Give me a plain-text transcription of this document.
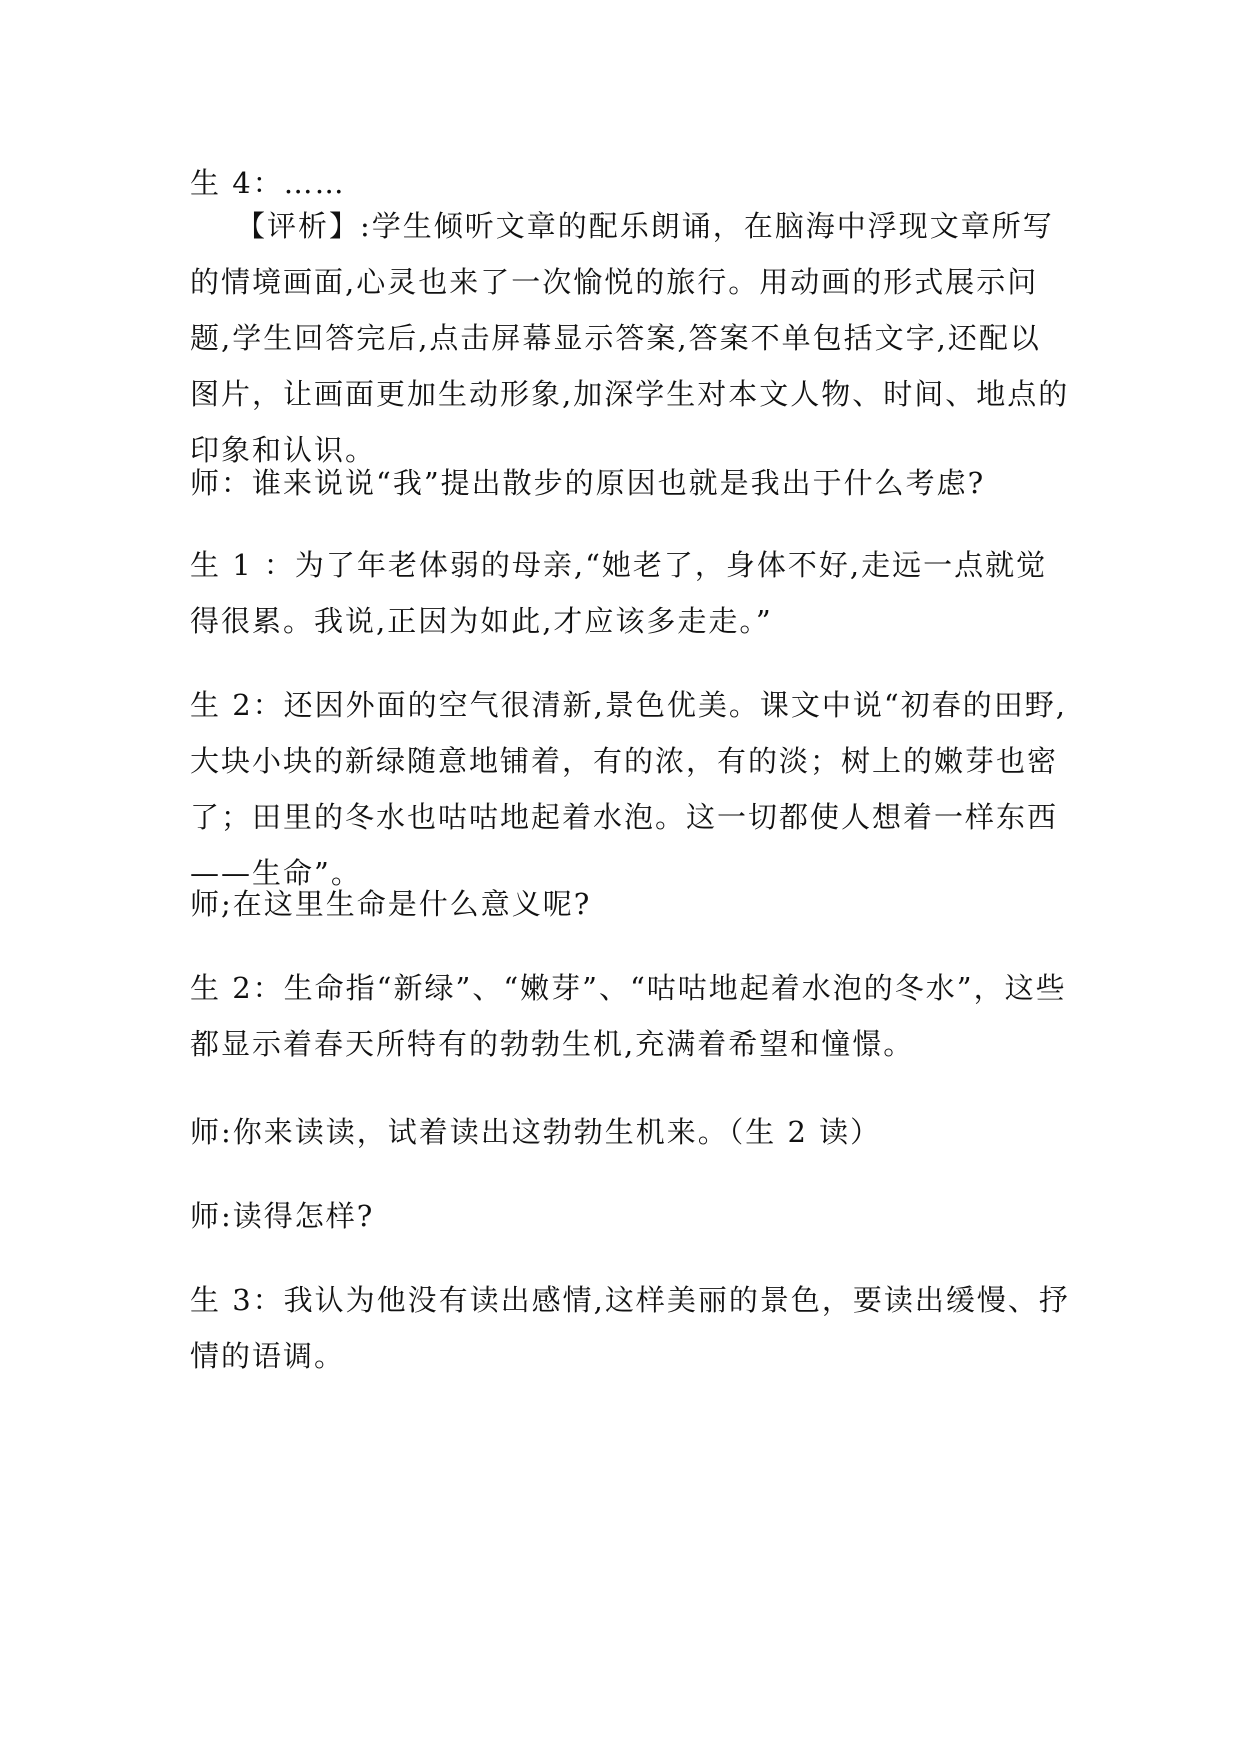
生 4：……

【评析】:学生倾听文章的配乐朗诵，在脑海中浮现文章所写的情境画面,心灵也来了一次愉悦的旅行。用动画的形式展示问题,学生回答完后,点击屏幕显示答案,答案不单包括文字,还配以图片，让画面更加生动形象,加深学生对本文人物、时间、地点的印象和认识。

师：谁来说说“我”提出散步的原因也就是我出于什么考虑?

生 1 ：为了年老体弱的母亲,“她老了，身体不好,走远一点就觉得很累。我说,正因为如此,才应该多走走。”

生 2：还因外面的空气很清新,景色优美。课文中说“初春的田野,大块小块的新绿随意地铺着，有的浓，有的淡；树上的嫩芽也密了；田里的冬水也咕咕地起着水泡。这一切都使人想着一样东西——生命”。

师;在这里生命是什么意义呢?

生 2：生命指“新绿”、“嫩芽”、“咕咕地起着水泡的冬水”，这些都显示着春天所特有的勃勃生机,充满着希望和憧憬。

师:你来读读，试着读出这勃勃生机来。（生 2 读）

师:读得怎样?

生 3：我认为他没有读出感情,这样美丽的景色，要读出缓慢、抒情的语调。
